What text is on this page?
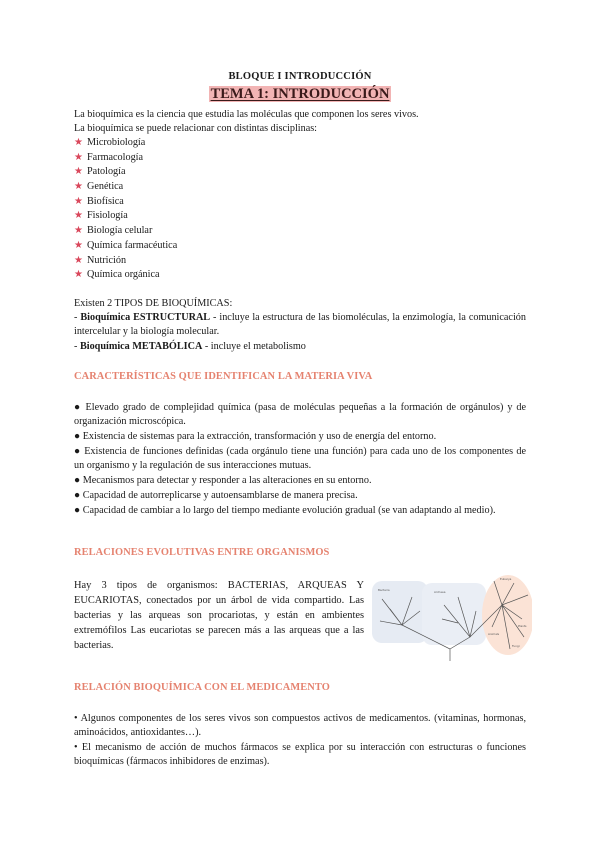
BLOQUE I INTRODUCCIÓN
TEMA 1: INTRODUCCIÓN
La bioquímica es la ciencia que estudia las moléculas que componen los seres vivos.
La bioquímica se puede relacionar con distintas disciplinas:
★ Microbiología
★ Farmacología
★ Patología
★ Genética
★ Biofísica
★ Fisiología
★ Biología celular
★ Química farmacéutica
★ Nutrición
★ Química orgánica
Existen 2 TIPOS DE BIOQUÍMICAS:
- Bioquímica ESTRUCTURAL - incluye la estructura de las biomoléculas, la enzimología, la comunicación intercelular y la biología molecular.
- Bioquímica METABÓLICA - incluye el metabolismo
CARACTERÍSTICAS QUE IDENTIFICAN LA MATERIA VIVA
● Elevado grado de complejidad química (pasa de moléculas pequeñas a la formación de orgánulos) y de organización microscópica.
● Existencia de sistemas para la extracción, transformación y uso de energía del entorno.
● Existencia de funciones definidas (cada orgánulo tiene una función) para cada uno de los componentes de un organismo y la regulación de sus interacciones mutuas.
● Mecanismos para detectar y responder a las alteraciones en su entorno.
● Capacidad de autorreplicarse y autoensamblarse de manera precisa.
● Capacidad de cambiar a lo largo del tiempo mediante evolución gradual (se van adaptando al medio).
RELACIONES EVOLUTIVAS ENTRE ORGANISMOS
Hay 3 tipos de organismos: BACTERIAS, ARQUEAS Y EUCARIOTAS, conectados por un árbol de vida compartido. Las bacterias y las arqueas son procariotas, y están en ambientes extremófilos Las eucariotas se parecen más a las arqueas que a las bacterias.
Bacteria	Archaea
Eukarya
Animals
Fungi
Plants
RELACIÓN BIOQUÍMICA CON EL MEDICAMENTO
• Algunos componentes de los seres vivos son compuestos activos de medicamentos. (vitaminas, hormonas, aminoácidos, antioxidantes…).
• El mecanismo de acción de muchos fármacos se explica por su interacción con estructuras o funciones bioquímicas (fármacos inhibidores de enzimas).
